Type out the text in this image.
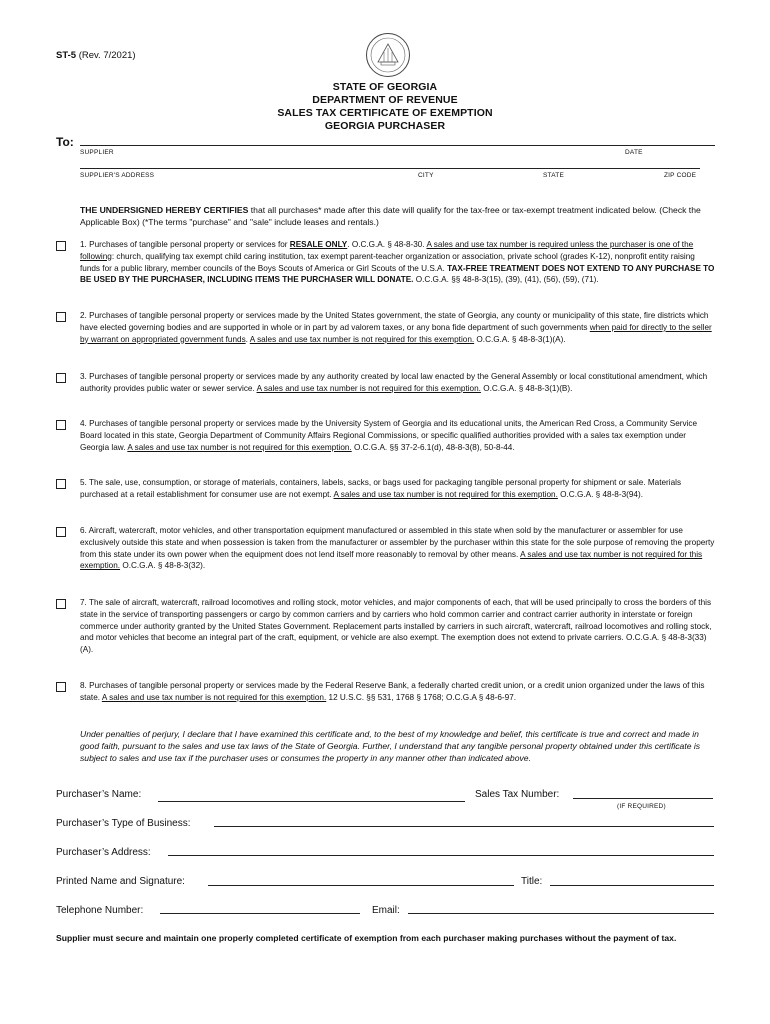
ST-5 (Rev. 7/2021)
STATE OF GEORGIA
DEPARTMENT OF REVENUE
SALES TAX CERTIFICATE OF EXEMPTION
GEORGIA PURCHASER
To:
SUPPLIER	DATE
SUPPLIER'S ADDRESS	CITY	STATE	ZIP CODE
THE UNDERSIGNED HEREBY CERTIFIES that all purchases* made after this date will qualify for the tax-free or tax-exempt treatment indicated below. (Check the Applicable Box) (*The terms "purchase" and "sale" include leases and rentals.)
1. Purchases of tangible personal property or services for RESALE ONLY. O.C.G.A. § 48-8-30. A sales and use tax number is required unless the purchaser is one of the following: church, qualifying tax exempt child caring institution, tax exempt parent-teacher organization or association, private school (grades K-12), nonprofit entity raising funds for a public library, member councils of the Boys Scouts of America or Girl Scouts of the U.S.A. TAX-FREE TREATMENT DOES NOT EXTEND TO ANY PURCHASE TO BE USED BY THE PURCHASER, INCLUDING ITEMS THE PURCHASER WILL DONATE. O.C.G.A. §§ 48-8-3(15), (39), (41), (56), (59), (71).
2. Purchases of tangible personal property or services made by the United States government, the state of Georgia, any county or municipality of this state, fire districts which have elected governing bodies and are supported in whole or in part by ad valorem taxes, or any bona fide department of such governments when paid for directly to the seller by warrant on appropriated government funds. A sales and use tax number is not required for this exemption. O.C.G.A. § 48-8-3(1)(A).
3. Purchases of tangible personal property or services made by any authority created by local law enacted by the General Assembly or local constitutional amendment, which authority provides public water or sewer service. A sales and use tax number is not required for this exemption. O.C.G.A. § 48-8-3(1)(B).
4. Purchases of tangible personal property or services made by the University System of Georgia and its educational units, the American Red Cross, a Community Service Board located in this state, Georgia Department of Community Affairs Regional Commissions, or specific qualified authorities provided with a sales tax exemption under Georgia law. A sales and use tax number is not required for this exemption. O.C.G.A. §§ 37-2-6.1(d), 48-8-3(8), 50-8-44.
5. The sale, use, consumption, or storage of materials, containers, labels, sacks, or bags used for packaging tangible personal property for shipment or sale. Materials purchased at a retail establishment for consumer use are not exempt. A sales and use tax number is not required for this exemption. O.C.G.A. § 48-8-3(94).
6. Aircraft, watercraft, motor vehicles, and other transportation equipment manufactured or assembled in this state when sold by the manufacturer or assembler for use exclusively outside this state and when possession is taken from the manufacturer or assembler by the purchaser within this state for the sole purpose of removing the property from this state under its own power when the equipment does not lend itself more reasonably to removal by other means. A sales and use tax number is not required for this exemption. O.C.G.A. § 48-8-3(32).
7. The sale of aircraft, watercraft, railroad locomotives and rolling stock, motor vehicles, and major components of each, that will be used principally to cross the borders of this state in the service of transporting passengers or cargo by common carriers and by carriers who hold common carrier and contract carrier authority in interstate or foreign commerce under authority granted by the United States Government. Replacement parts installed by carriers in such aircraft, watercraft, railroad locomotives and rolling stock, and motor vehicles that become an integral part of the craft, equipment, or vehicle are also exempt. The exemption does not extend to private carriers. O.C.G.A. § 48-8-3(33)(A).
8. Purchases of tangible personal property or services made by the Federal Reserve Bank, a federally charted credit union, or a credit union organized under the laws of this state. A sales and use tax number is not required for this exemption. 12 U.S.C. §§ 531, 1768 § 1768; O.C.G.A § 48-6-97.
Under penalties of perjury, I declare that I have examined this certificate and, to the best of my knowledge and belief, this certificate is true and correct and made in good faith, pursuant to the sales and use tax laws of the State of Georgia. Further, I understand that any tangible personal property obtained under this certificate is subject to sales and use tax if the purchaser uses or consumes the property in any manner other than indicated above.
Purchaser’s Name:	Sales Tax Number:
(IF REQUIRED)
Purchaser’s Type of Business:
Purchaser’s Address:
Printed Name and Signature:	Title:
Telephone Number:	Email:
Supplier must secure and maintain one properly completed certificate of exemption from each purchaser making purchases without the payment of tax.
